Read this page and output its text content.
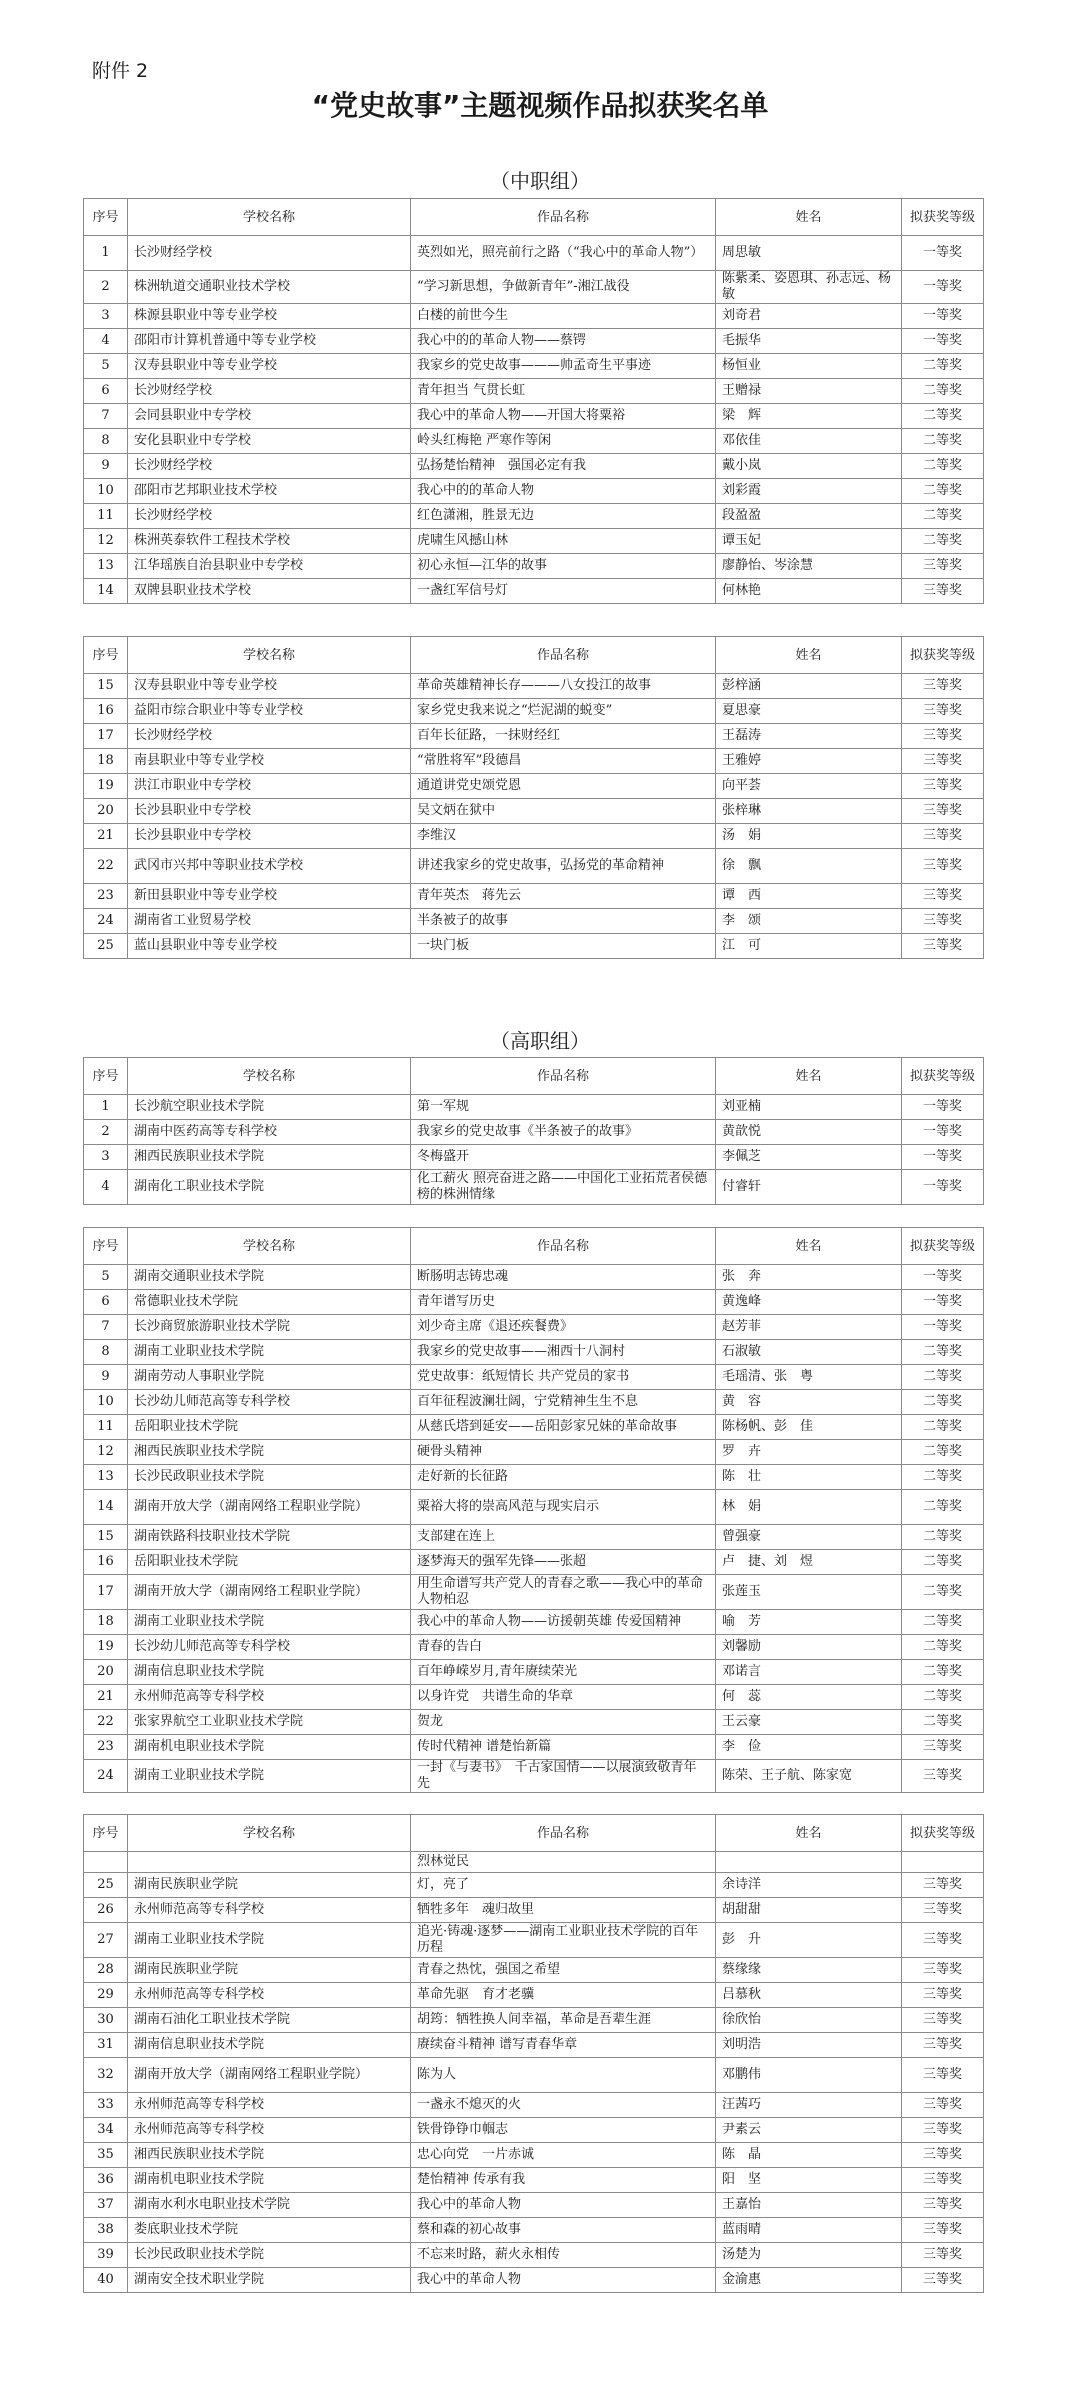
附件 2
“党史故事”主题视频作品拟获奖名单
（中职组）
序号	学校名称	作品名称	姓名	拟获奖等级
1	长沙财经学校	英烈如光，照亮前行之路（“我心中的革命人物”）	周思敏	一等奖
2	株洲轨道交通职业技术学校	“学习新思想，争做新青年”-湘江战役	陈紫柔、姿恩琪、孙志远、杨　敏	一等奖
3	株源县职业中等专业学校	白楼的前世今生	刘奇君	一等奖
4	邵阳市计算机普通中等专业学校	我心中的的革命人物——蔡锷	毛振华	一等奖
5	汉寿县职业中等专业学校	我家乡的党史故事———帅孟奇生平事迹	杨恒业	二等奖
6	长沙财经学校	青年担当 气贯长虹	王赠禄	二等奖
7	会同县职业中专学校	我心中的革命人物——开国大将粟裕	梁　辉	二等奖
8	安化县职业中专学校	岭头红梅艳 严寒作等闲	邓依佳	二等奖
9	长沙财经学校	弘扬楚怡精神　强国必定有我	戴小岚	二等奖
10	邵阳市艺邦职业技术学校	我心中的的革命人物	刘彩霞	二等奖
11	长沙财经学校	红色潇湘，胜景无边	段盈盈	二等奖
12	株洲英泰软件工程技术学校	虎啸生风撼山林	谭玉妃	二等奖
13	江华瑶族自治县职业中专学校	初心永恒—江华的故事	廖静怡、岑涂慧	三等奖
14	双牌县职业技术学校	一盏红军信号灯	何林艳	三等奖
序号	学校名称	作品名称	姓名	拟获奖等级
15	汉寿县职业中等专业学校	革命英雄精神长存———八女投江的故事	彭梓涵	三等奖
16	益阳市综合职业中等专业学校	家乡党史我来说之“烂泥湖的蜕变”	夏思豪	三等奖
17	长沙财经学校	百年长征路，一抹财经红	王磊涛	三等奖
18	南县职业中等专业学校	“常胜将军”段德昌	王雅婷	三等奖
19	洪江市职业中专学校	通道讲党史颂党恩	向平荟	三等奖
20	长沙县职业中专学校	吴文炳在狱中	张梓琳	三等奖
21	长沙县职业中专学校	李维汉	汤　娟	三等奖
22	武冈市兴邦中等职业技术学校	讲述我家乡的党史故事，弘扬党的革命精神	徐　飘	三等奖
23	新田县职业中等专业学校	青年英杰　蒋先云	谭　西	三等奖
24	湖南省工业贸易学校	半条被子的故事	李　颂	三等奖
25	蓝山县职业中等专业学校	一块门板	江　可	三等奖
（高职组）
序号	学校名称	作品名称	姓名	拟获奖等级
1	长沙航空职业技术学院	第一军规	刘亚楠	一等奖
2	湖南中医药高等专科学校	我家乡的党史故事《半条被子的故事》	黄歆悦	一等奖
3	湘西民族职业技术学院	冬梅盛开	李佩芝	一等奖
4	湖南化工职业技术学院	化工薪火 照亮奋进之路——中国化工业拓荒者侯德榜的株洲情缘	付睿轩	一等奖
序号	学校名称	作品名称	姓名	拟获奖等级
5	湖南交通职业技术学院	断肠明志铸忠魂	张　奔	一等奖
6	常德职业技术学院	青年谱写历史	黄逸峰	一等奖
7	长沙商贸旅游职业技术学院	刘少奇主席《退还疾餐费》	赵芳菲	一等奖
8	湖南工业职业技术学院	我家乡的党史故事——湘西十八洞村	石淑敏	二等奖
9	湖南劳动人事职业学院	党史故事：纸短情长 共产党员的家书	毛瑶清、张　粤	二等奖
10	长沙幼儿师范高等专科学校	百年征程波澜壮阔，宁党精神生生不息	黄　容	二等奖
11	岳阳职业技术学院	从慈氏塔到延安——岳阳彭家兄妹的革命故事	陈杨帆、彭　佳	二等奖
12	湘西民族职业技术学院	硬骨头精神	罗　卉	二等奖
13	长沙民政职业技术学院	走好新的长征路	陈　壮	二等奖
14	湖南开放大学（湖南网络工程职业学院）	粟裕大将的崇高风范与现实启示	林　娟	二等奖
15	湖南铁路科技职业技术学院	支部建在连上	曾强豪	二等奖
16	岳阳职业技术学院	逐梦海天的强军先锋——张超	卢　捷、刘　煜	二等奖
17	湖南开放大学（湖南网络工程职业学院）	用生命谱写共产党人的青春之歌——我心中的革命人物柏忍	张莲玉	二等奖
18	湖南工业职业技术学院	我心中的革命人物——访援朝英雄 传爱国精神	喻　芳	二等奖
19	长沙幼儿师范高等专科学校	青春的告白	刘馨励	二等奖
20	湖南信息职业技术学院	百年峥嵘岁月,青年赓续荣光	邓诺言	二等奖
21	永州师范高等专科学校	以身许党　共谱生命的华章	何　蕊	二等奖
22	张家界航空工业职业技术学院	贺龙	王云豪	二等奖
23	湖南机电职业技术学院	传时代精神 谱楚怡新篇	李　俭	三等奖
24	湖南工业职业技术学院	一封《与妻书》　千古家国情——以展演致敬青年先	陈荣、王子航、陈家宽	三等奖
序号	学校名称	作品名称	姓名	拟获奖等级
		烈林觉民		
25	湖南民族职业学院	灯，亮了	余诗洋	三等奖
26	永州师范高等专科学校	牺牲多年　魂归故里	胡甜甜	三等奖
27	湖南工业职业技术学院	追光·铸魂·逐梦——湖南工业职业技术学院的百年历程	彭　升	三等奖
28	湖南民族职业学院	青春之热忱，强国之希望	蔡缘缘	三等奖
29	永州师范高等专科学校	革命先驱　育才老骥	吕慕秋	三等奖
30	湖南石油化工职业技术学院	胡筠：牺牲换人间幸福，革命是吾辈生涯	徐欣怡	三等奖
31	湖南信息职业技术学院	赓续奋斗精神 谱写青春华章	刘明浩	三等奖
32	湖南开放大学（湖南网络工程职业学院）	陈为人	邓鹏伟	三等奖
33	永州师范高等专科学校	一盏永不熄灭的火	汪茜巧	三等奖
34	永州师范高等专科学校	铁骨铮铮巾帼志	尹素云	三等奖
35	湘西民族职业技术学院	忠心向党　一片赤诚	陈　晶	三等奖
36	湖南机电职业技术学院	楚怡精神 传承有我	阳　坚	三等奖
37	湖南水利水电职业技术学院	我心中的革命人物	王嘉怡	三等奖
38	娄底职业技术学院	蔡和森的初心故事	蓝雨晴	三等奖
39	长沙民政职业技术学院	不忘来时路，薪火永相传	汤楚为	三等奖
40	湖南安全技术职业学院	我心中的革命人物	金渝惠	三等奖
